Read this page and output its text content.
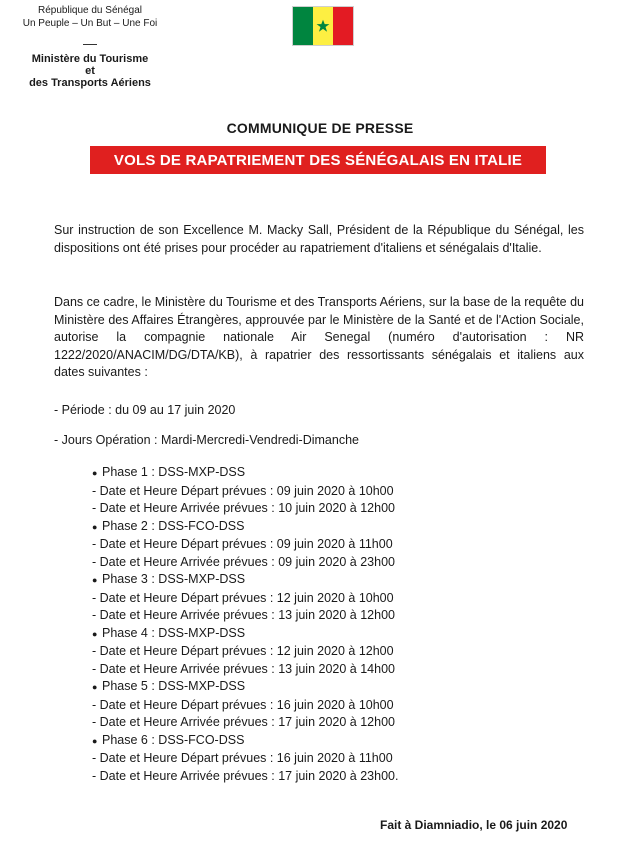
République du Sénégal
Un Peuple – Un But – Une Foi
Ministère du Tourisme
et
des Transports Aériens
COMMUNIQUE DE PRESSE
VOLS DE RAPATRIEMENT DES SÉNÉGALAIS EN ITALIE
Sur instruction de son Excellence M. Macky Sall, Président de la République du Sénégal, les dispositions ont été prises pour procéder au rapatriement d'italiens et sénégalais d'Italie.
Dans ce cadre, le Ministère du Tourisme et des Transports Aériens, sur la base de la requête du Ministère des Affaires Étrangères, approuvée par le Ministère de la Santé et de l'Action Sociale, autorise la compagnie nationale Air Senegal (numéro d'autorisation : NR 1222/2020/ANACIM/DG/DTA/KB), à rapatrier des ressortissants sénégalais et italiens aux dates suivantes :
- Période : du 09 au 17 juin 2020
- Jours Opération : Mardi-Mercredi-Vendredi-Dimanche
● Phase 1 : DSS-MXP-DSS
- Date et Heure Départ prévues : 09 juin 2020 à 10h00
- Date et Heure Arrivée prévues : 10 juin 2020 à 12h00
● Phase 2 : DSS-FCO-DSS
- Date et Heure Départ prévues : 09 juin 2020 à 11h00
- Date et Heure Arrivée prévues : 09 juin 2020 à 23h00
● Phase 3 : DSS-MXP-DSS
- Date et Heure Départ prévues : 12 juin 2020 à 10h00
- Date et Heure Arrivée prévues : 13 juin 2020 à 12h00
● Phase 4 : DSS-MXP-DSS
- Date et Heure Départ prévues : 12 juin 2020 à 12h00
- Date et Heure Arrivée prévues : 13 juin 2020 à 14h00
● Phase 5 : DSS-MXP-DSS
- Date et Heure Départ prévues : 16 juin 2020 à 10h00
- Date et Heure Arrivée prévues : 17 juin 2020 à 12h00
● Phase 6 : DSS-FCO-DSS
- Date et Heure Départ prévues : 16 juin 2020 à 11h00
- Date et Heure Arrivée prévues : 17 juin 2020 à 23h00.
Fait à Diamniadio, le 06 juin 2020
